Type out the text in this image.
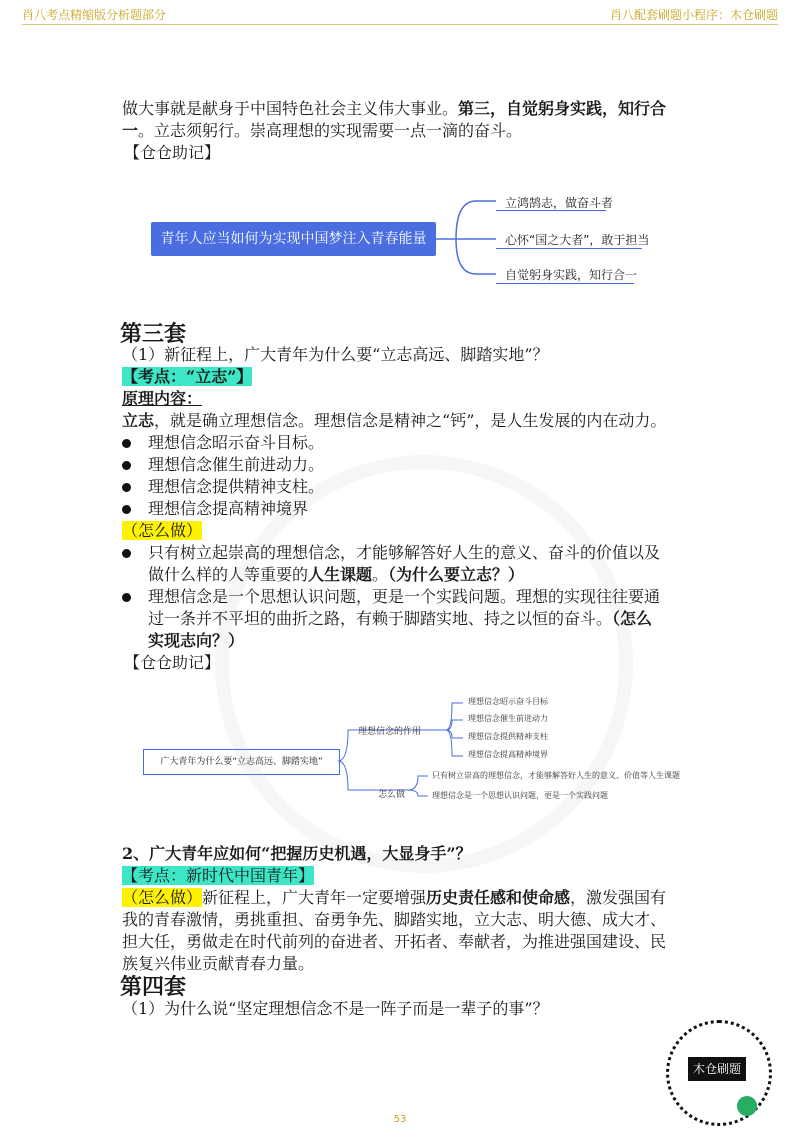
肖八考点精缩版分析题部分	肖八配套刷题小程序：木仓刷题
做大事就是献身于中国特色社会主义伟大事业。第三，自觉躬身实践，知行合
一。立志须躬行。崇高理想的实现需要一点一滴的奋斗。
【仓仓助记】
青年人应当如何为实现中国梦注入青春能量
立鸿鹄志，做奋斗者
心怀“国之大者”，敢于担当
自觉躬身实践，知行合一
第三套
（1）新征程上，广大青年为什么要“立志高远、脚踏实地”？
【考点：“立志”】
原理内容：
立志，就是确立理想信念。理想信念是精神之“钙”，是人生发展的内在动力。
理想信念昭示奋斗目标。
理想信念催生前进动力。
理想信念提供精神支柱。
理想信念提高精神境界
（怎么做）
只有树立起崇高的理想信念，才能够解答好人生的意义、奋斗的价值以及
做什么样的人等重要的人生课题。（为什么要立志？）
理想信念是一个思想认识问题，更是一个实践问题。理想的实现往往要通
过一条并不平坦的曲折之路，有赖于脚踏实地、持之以恒的奋斗。（怎么
实现志向？）
【仓仓助记】
广大青年为什么要“立志高远、脚踏实地”
理想信念的作用
理想信念昭示奋斗目标
理想信念催生前进动力
理想信念提供精神支柱
理想信念提高精神境界
怎么做
只有树立崇高的理想信念，才能够解答好人生的意义、价值等人生课题
理想信念是一个思想认识问题，更是一个实践问题
2、广大青年应如何“把握历史机遇，大显身手”？
【考点：新时代中国青年】
（怎么做）新征程上，广大青年一定要增强历史责任感和使命感，激发强国有
我的青春激情，勇挑重担、奋勇争先、脚踏实地，立大志、明大德、成大才、
担大任，勇做走在时代前列的奋进者、开拓者、奉献者，为推进强国建设、民
族复兴伟业贡献青春力量。
第四套
（1）为什么说“坚定理想信念不是一阵子而是一辈子的事”？
木仓刷题
53
